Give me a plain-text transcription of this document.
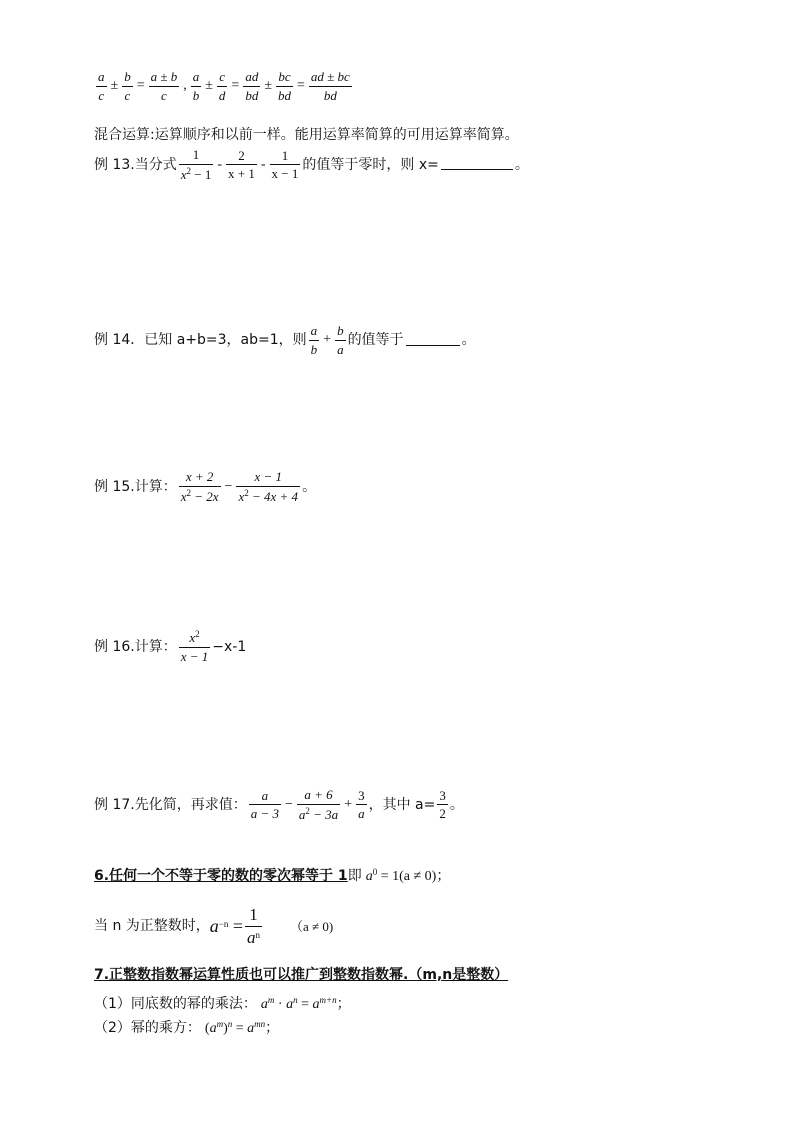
$\frac{a}{c} \pm \frac{b}{c} = \frac{a \pm b}{c}$ , $\frac{a}{b} \pm \frac{c}{d} = \frac{ad}{bd} \pm \frac{bc}{bd} = \frac{ad \pm bc}{bd}$
混合运算:运算顺序和以前一样。能用运算率简算的可用运算率简算。
例 13.当分式 $\frac{1}{x^2 - 1} - \frac{2}{x + 1} - \frac{1}{x - 1}$ 的值等于零时，则 x=	。
例 14．已知 a+b=3，ab=1，则 $\frac{a}{b} + \frac{b}{a}$ 的值等于	。
例 15.计算： $\frac{x + 2}{x^2 - 2x} - \frac{x - 1}{x^2 - 4x + 4}$ 。
例 16.计算： $\frac{x^2}{x - 1} -x-1$
例 17.先化简，再求值： $\frac{a}{a - 3} - \frac{a + 6}{a^2 - 3a} + \frac{3}{a}$ ，其中 $a= \frac{3}{2}$ 。
6.任何一个不等于零的数的零次幂等于 1 即 $a^0 = 1(a \ne 0)$ ；
当 n 为正整数时， $a^{-n} = \frac{1}{a^n} (a \ne 0)$
7.正整数指数幂运算性质也可以推广到整数指数幂.（m,n是整数）
（1）同底数的幂的乘法： $a^m \cdot a^n = a^{m+n}$ ；
（2）幂的乘方： $(a^m)^n = a^{mn}$ ；
